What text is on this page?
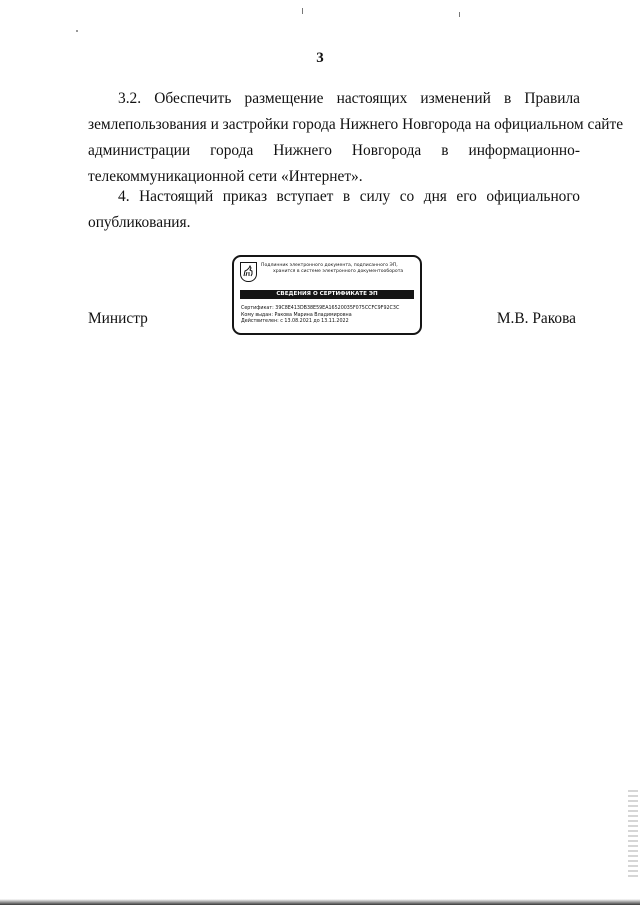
3

3.2. Обеспечить размещение настоящих изменений в Правила
землепользования и застройки города Нижнего Новгорода на официальном сайте
администрации города Нижнего Новгорода в информационно-
телекоммуникационной сети «Интернет».

4. Настоящий приказ вступает в силу со дня его официального
опубликования.

Министр	М.В. Ракова
Подлинник электронного документа, подписанного ЭП,
хранится в системе электронного документооборота
СВЕДЕНИЯ О СЕРТИФИКАТЕ ЭП
Сертификат: 39C8E413DB38E59EA16520035F075CCFC9F92C3C
Кому выдан: Ракова Марина Владимировна
Действителен: с 13.08.2021 до 13.11.2022
